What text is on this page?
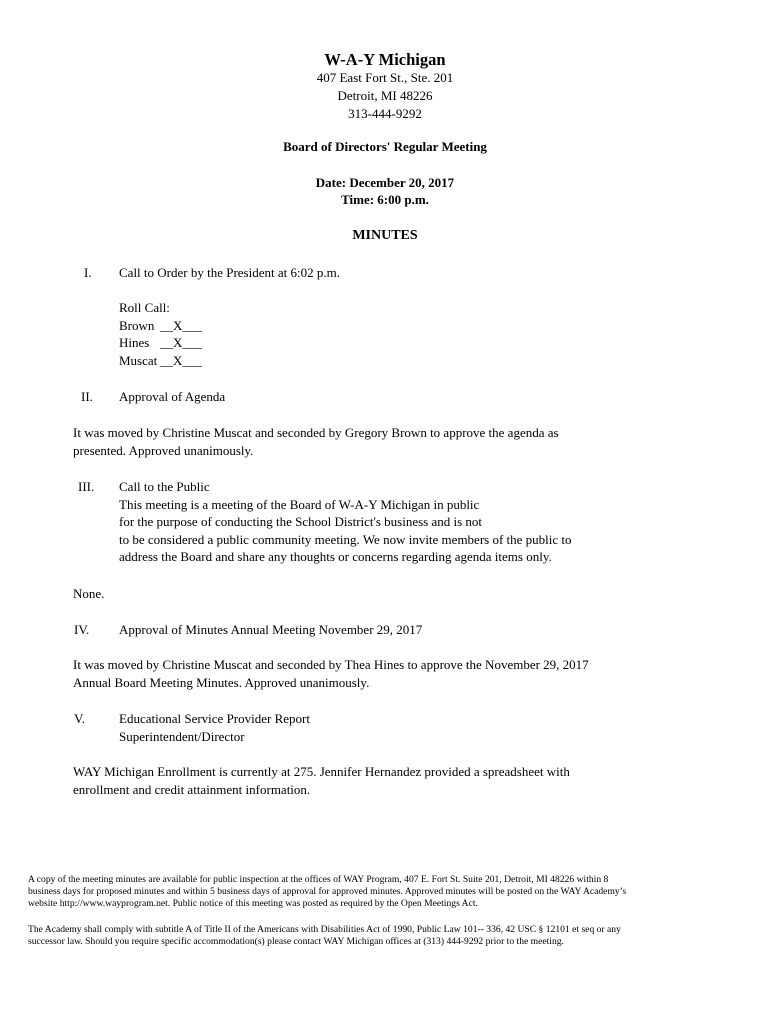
W-A-Y Michigan
407 East Fort St., Ste. 201
Detroit, MI 48226
313-444-9292
Board of Directors' Regular Meeting
Date: December 20, 2017
Time: 6:00 p.m.
MINUTES
I. Call to Order by the President at 6:02 p.m.
Roll Call:
Brown__X___
Hines__X___
Muscat __X___
II. Approval of Agenda
It was moved by Christine Muscat and seconded by Gregory Brown to approve the agenda as
presented. Approved unanimously.
III. Call to the Public
This meeting is a meeting of the Board of W-A-Y Michigan in public
for the purpose of conducting the School District's business and is not
to be considered a public community meeting. We now invite members of the public to
address the Board and share any thoughts or concerns regarding agenda items only.
None.
IV. Approval of Minutes Annual Meeting November 29, 2017
It was moved by Christine Muscat and seconded by Thea Hines to approve the November 29, 2017
Annual Board Meeting Minutes. Approved unanimously.
V.	Educational Service Provider Report
Superintendent/Director
WAY Michigan Enrollment is currently at 275. Jennifer Hernandez provided a spreadsheet with
enrollment and credit attainment information.
A copy of the meeting minutes are available for public inspection at the offices of WAY Program, 407 E. Fort St. Suite 201, Detroit, MI 48226 within 8
business days for proposed minutes and within 5 business days of approval for approved minutes. Approved minutes will be posted on the WAY Academy’s
website http://www.wayprogram.net. Public notice of this meeting was posted as required by the Open Meetings Act.
The Academy shall comply with subtitle A of Title II of the Americans with Disabilities Act of 1990, Public Law 101-- 336, 42 USC § 12101 et seq or any
successor law. Should you require specific accommodation(s) please contact WAY Michigan offices at (313) 444-9292 prior to the meeting.
